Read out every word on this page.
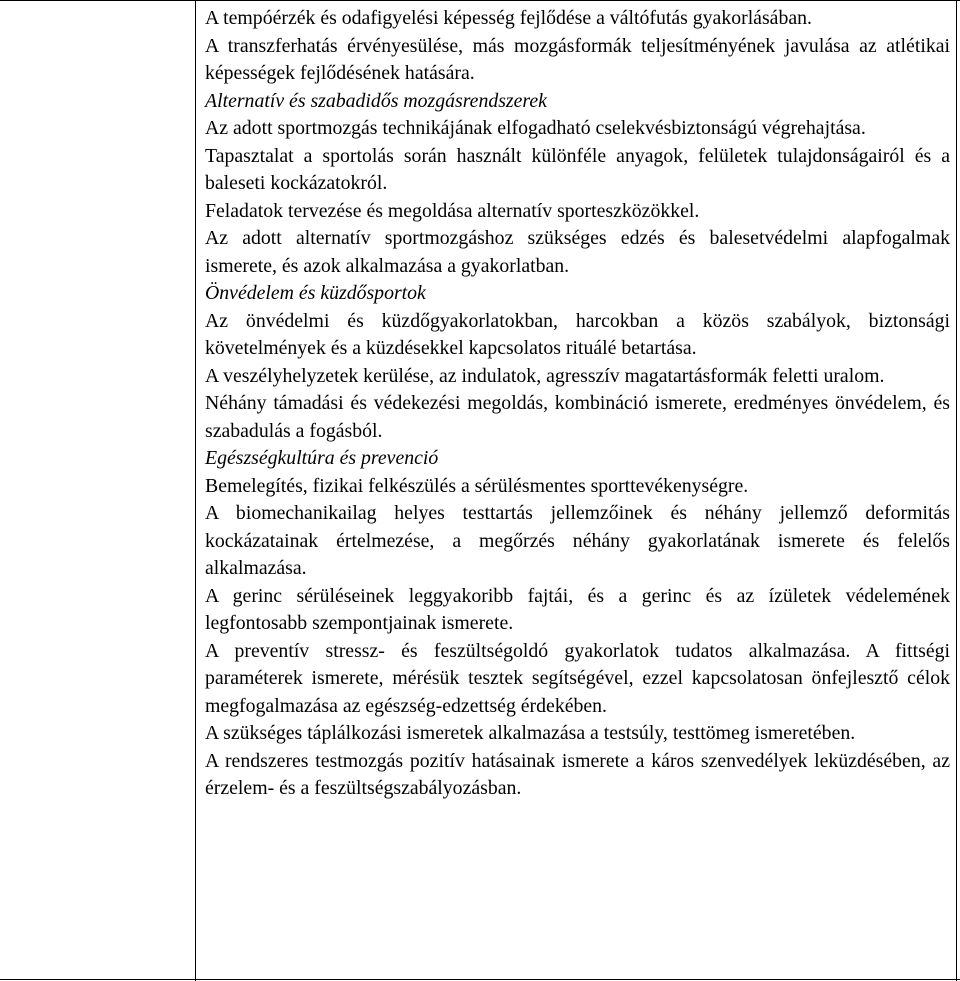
A tempóérzék és odafigyelési képesség fejlődése a váltófutás gyakorlásában.

A transzferhatás érvényesülése, más mozgásformák teljesítményének javulása az atlétikai képességek fejlődésének hatására.

Alternatív és szabadidős mozgásrendszerek

Az adott sportmozgás technikájának elfogadható cselekvésbiztonságú végrehajtása.

Tapasztalat a sportolás során használt különféle anyagok, felületek tulajdonságairól és a baleseti kockázatokról.

Feladatok tervezése és megoldása alternatív sporteszközökkel.

Az adott alternatív sportmozgáshoz szükséges edzés és balesetvédelmi alapfogalmak ismerete, és azok alkalmazása a gyakorlatban.

Önvédelem és küzdősportok

Az önvédelmi és küzdőgyakorlatokban, harcokban a közös szabályok, biztonsági követelmények és a küzdésekkel kapcsolatos rituálé betartása.

A veszélyhelyzetek kerülése, az indulatok, agresszív magatartásformák feletti uralom.

Néhány támadási és védekezési megoldás, kombináció ismerete, eredményes önvédelem, és szabadulás a fogásból.

Egészségkultúra és prevenció

Bemelegítés, fizikai felkészülés a sérülésmentes sporttevékenységre.

A biomechanikailag helyes testtartás jellemzőinek és néhány jellemző deformitás kockázatainak értelmezése, a megőrzés néhány gyakorlatának ismerete és felelős alkalmazása.

A gerinc sérüléseinek leggyakoribb fajtái, és a gerinc és az ízületek védelemének legfontosabb szempontjainak ismerete.

A preventív stressz- és feszültségoldó gyakorlatok tudatos alkalmazása. A fittségi paraméterek ismerete, mérésük tesztek segítségével, ezzel kapcsolatosan önfejlesztő célok megfogalmazása az egészség-edzettség érdekében.

A szükséges táplálkozási ismeretek alkalmazása a testsúly, testtömeg ismeretében.

A rendszeres testmozgás pozitív hatásainak ismerete a káros szenvedélyek leküzdésében, az érzelem- és a feszültségszabályozásban.
